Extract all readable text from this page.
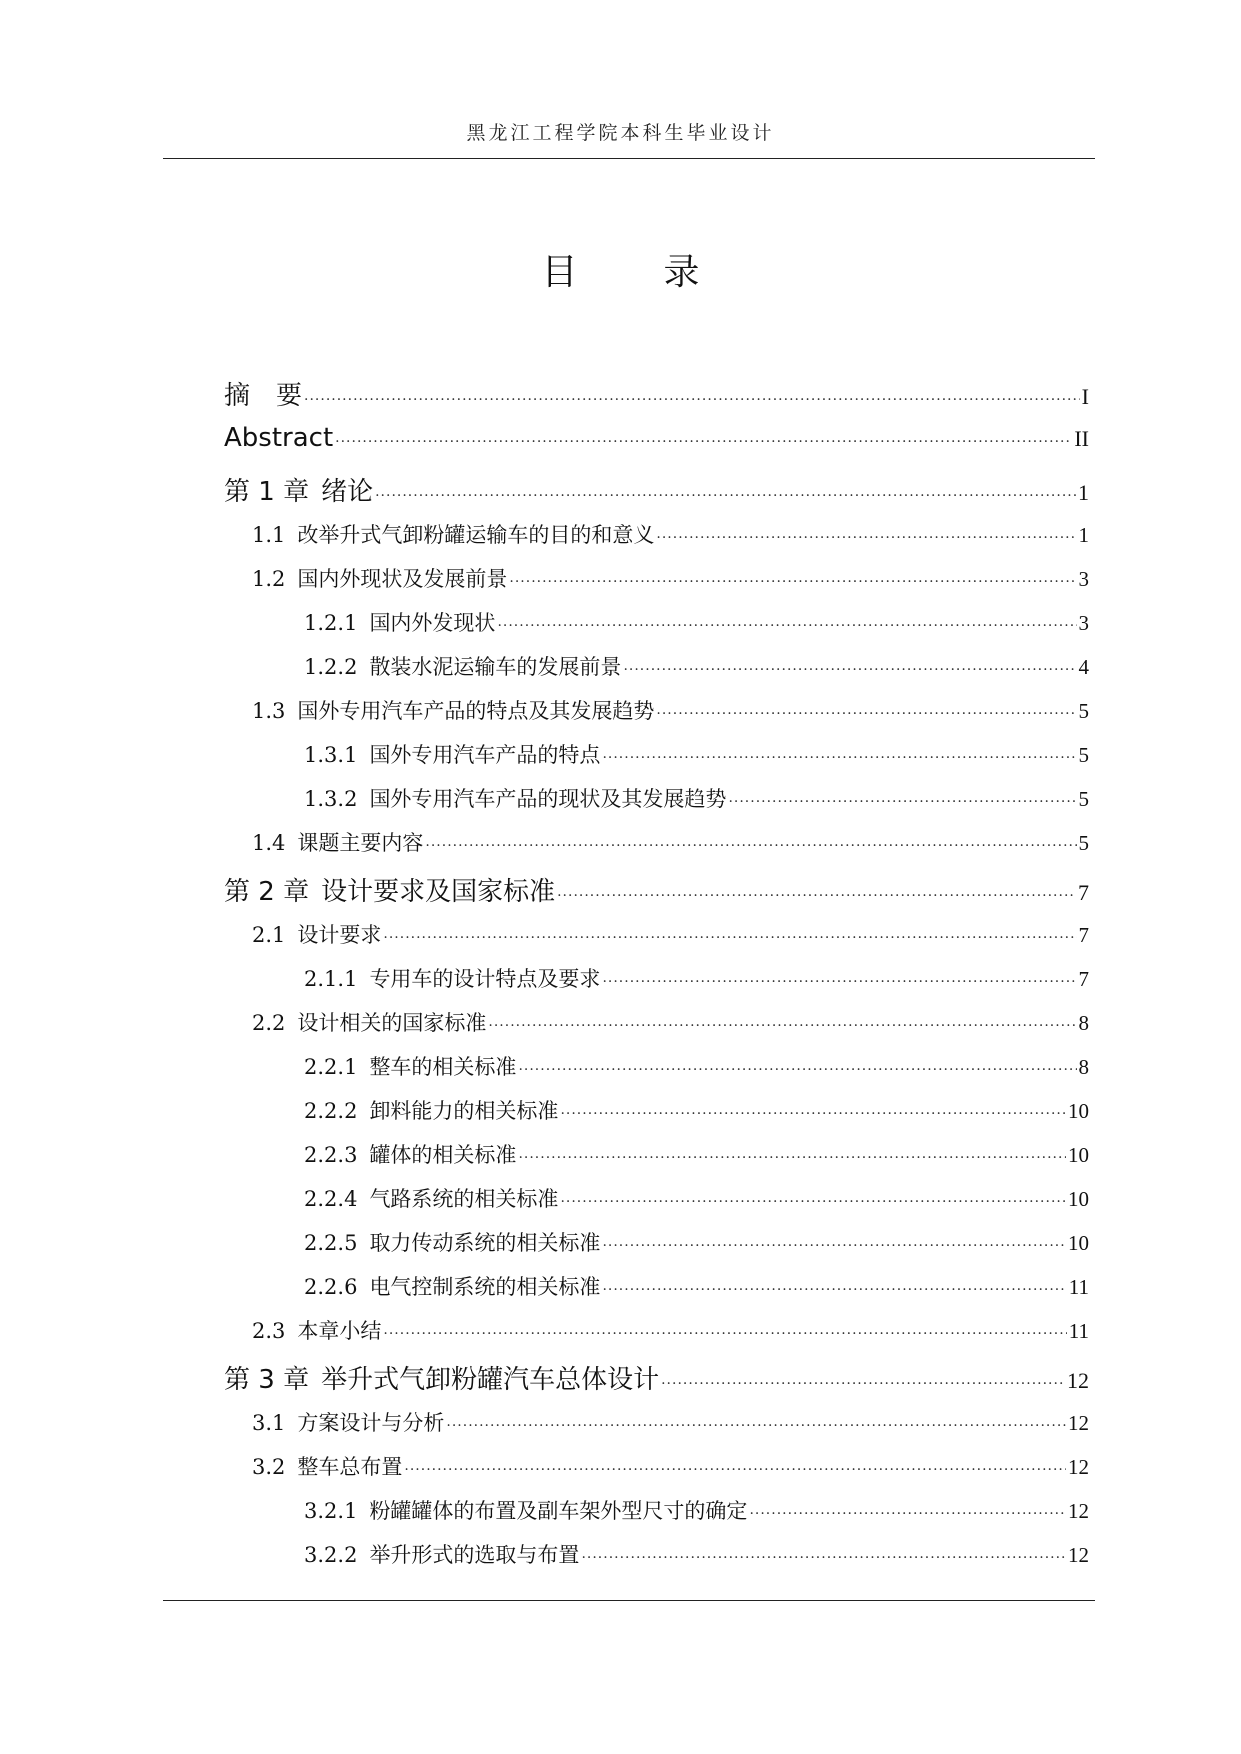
黑龙江工程学院本科生毕业设计
目 录
摘　要 ·····	I
Abstract ·····	II
第 1 章 绪论 ·····	1
1.1 改举升式气卸粉罐运输车的目的和意义 ·····	1
1.2 国内外现状及发展前景 ·····	3
1.2.1 国内外发现状 ·····	3
1.2.2 散装水泥运输车的发展前景 ·····	4
1.3 国外专用汽车产品的特点及其发展趋势 ·····	5
1.3.1 国外专用汽车产品的特点 ·····	5
1.3.2 国外专用汽车产品的现状及其发展趋势 ·····	5
1.4 课题主要内容 ·····	5
第 2 章 设计要求及国家标准 ·····	7
2.1 设计要求 ·····	7
2.1.1 专用车的设计特点及要求 ·····	7
2.2 设计相关的国家标准 ·····	8
2.2.1 整车的相关标准 ·····	8
2.2.2 卸料能力的相关标准 ·····	10
2.2.3 罐体的相关标准 ·····	10
2.2.4 气路系统的相关标准 ·····	10
2.2.5 取力传动系统的相关标准 ·····	10
2.2.6 电气控制系统的相关标准 ·····	11
2.3 本章小结 ·····	11
第 3 章 举升式气卸粉罐汽车总体设计 ·····	12
3.1 方案设计与分析 ·····	12
3.2 整车总布置 ·····	12
3.2.1 粉罐罐体的布置及副车架外型尺寸的确定 ·····	12
3.2.2 举升形式的选取与布置 ·····	12
